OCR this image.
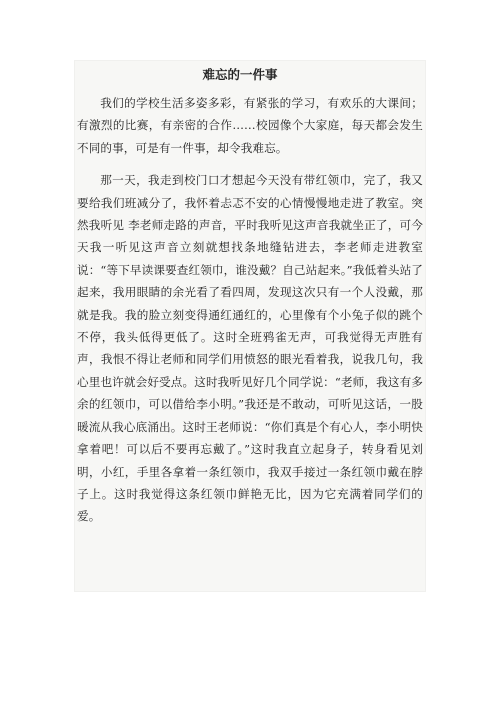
难忘的一件事

我们的学校生活多姿多彩，有紧张的学习，有欢乐的大课间；有激烈的比赛，有亲密的合作……校园像个大家庭，每天都会发生不同的事，可是有一件事，却令我难忘。

那一天，我走到校门口才想起今天没有带红领巾，完了，我又要给我们班减分了，我怀着忐忑不安的心情慢慢地走进了教室。突然我听见 李老师走路的声音，平时我听见这声音我就坐正了，可今天我一听见这声音立刻就想找条地缝钻进去，李老师走进教室说：“等下早读课要查红领巾，谁没戴？自己站起来。”我低着头站了起来，我用眼睛的余光看了看四周，发现这次只有一个人没戴，那就是我。我的脸立刻变得通红通红的，心里像有个小兔子似的跳个不停，我头低得更低了。这时全班鸦雀无声，可我觉得无声胜有声，我恨不得让老师和同学们用愤怒的眼光看着我，说我几句，我心里也许就会好受点。这时我听见好几个同学说：“老师，我这有多余的红领巾，可以借给李小明。”我还是不敢动，可听见这话，一股暖流从我心底涌出。这时王老师说：“你们真是个有心人，李小明快拿着吧！可以后不要再忘戴了。”这时我直立起身子，转身看见刘明，小红，手里各拿着一条红领巾，我双手接过一条红领巾戴在脖子上。这时我觉得这条红领巾鲜艳无比，因为它充满着同学们的爱。
